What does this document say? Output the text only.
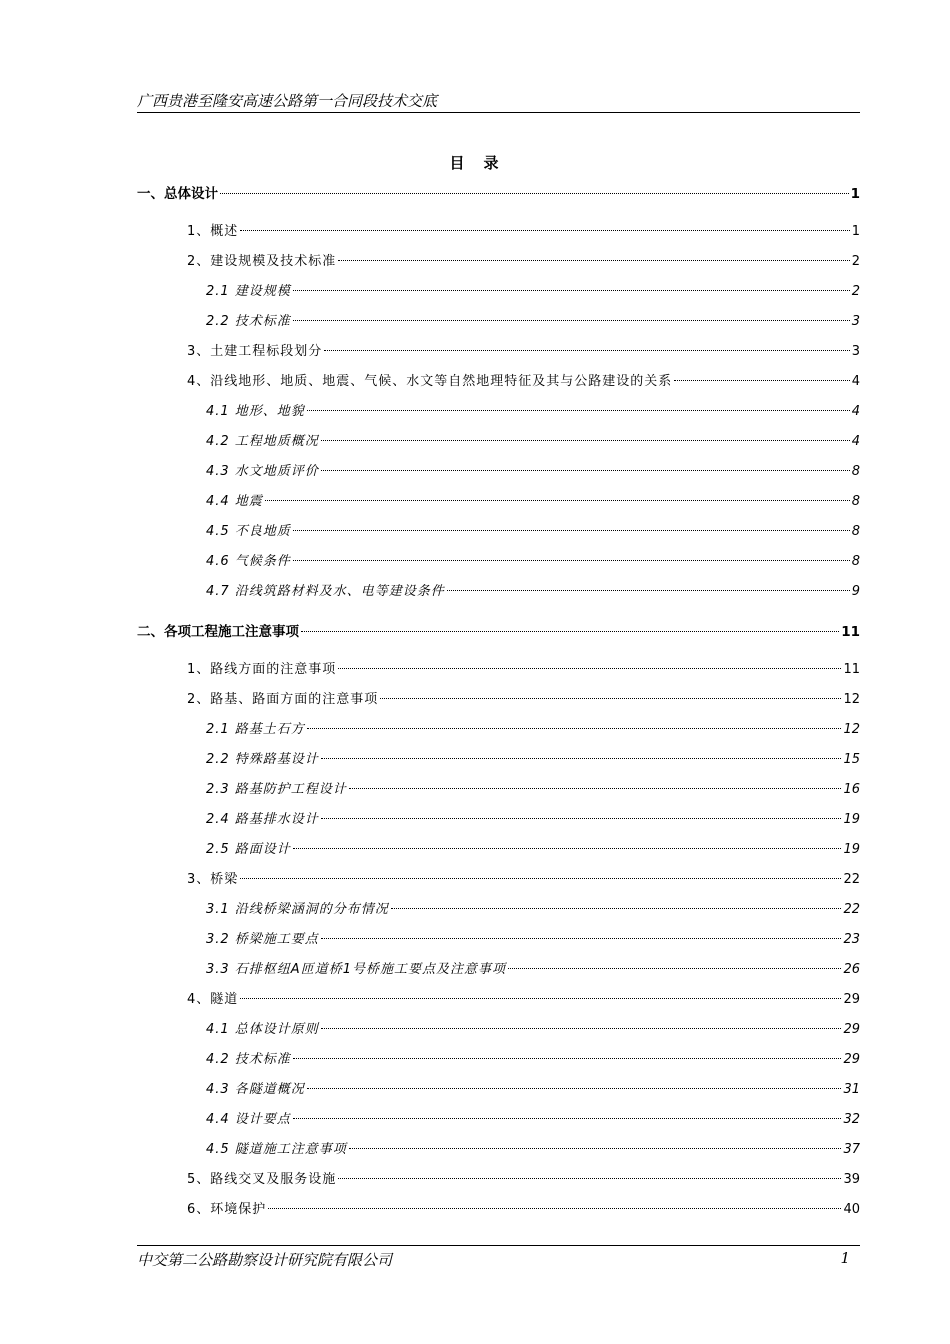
广西贵港至隆安高速公路第一合同段技术交底
目　录
一、总体设计	1
1、概述	1
2、建设规模及技术标准	2
2.1 建设规模	2
2.2 技术标准	3
3、土建工程标段划分	3
4、沿线地形、地质、地震、气候、水文等自然地理特征及其与公路建设的关系	4
4.1 地形、地貌	4
4.2 工程地质概况	4
4.3 水文地质评价	8
4.4 地震	8
4.5 不良地质	8
4.6 气候条件	8
4.7 沿线筑路材料及水、电等建设条件	9
二、各项工程施工注意事项	11
1、路线方面的注意事项	11
2、路基、路面方面的注意事项	12
2.1 路基土石方	12
2.2 特殊路基设计	15
2.3 路基防护工程设计	16
2.4 路基排水设计	19
2.5 路面设计	19
3、桥梁	22
3.1 沿线桥梁涵洞的分布情况	22
3.2 桥梁施工要点	23
3.3 石排枢纽A匝道桥1号桥施工要点及注意事项	26
4、隧道	29
4.1 总体设计原则	29
4.2 技术标准	29
4.3 各隧道概况	31
4.4 设计要点	32
4.5 隧道施工注意事项	37
5、路线交叉及服务设施	39
6、环境保护	40
中交第二公路勘察设计研究院有限公司	1
